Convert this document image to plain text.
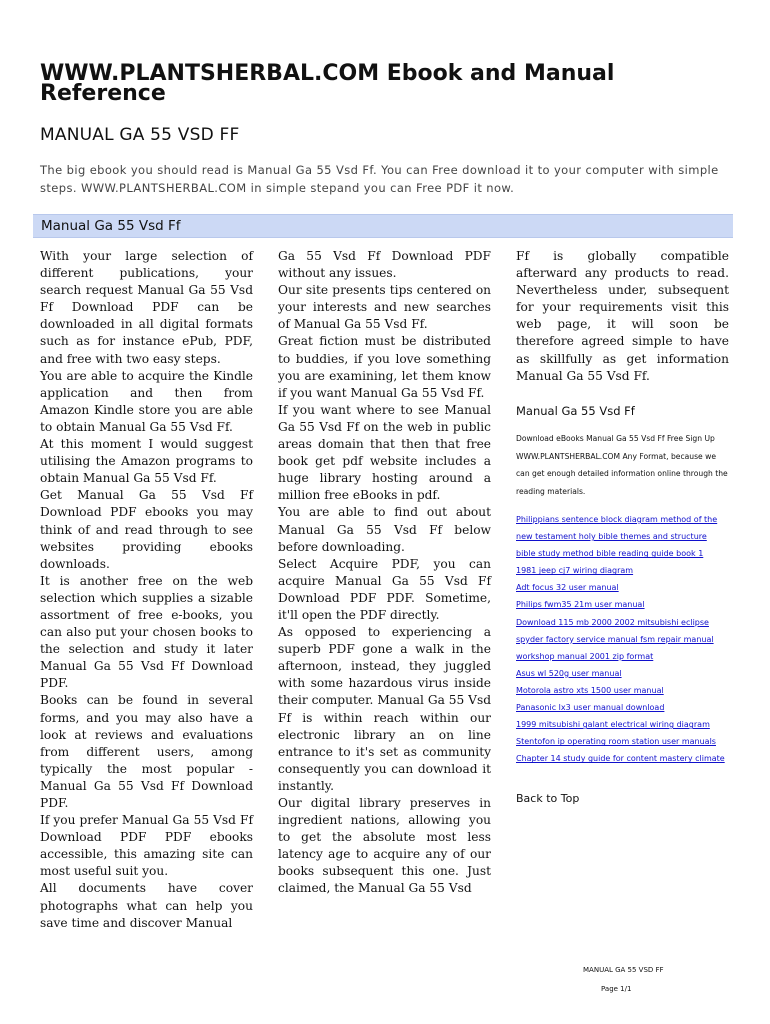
WWW.PLANTSHERBAL.COM Ebook and Manual Reference
MANUAL GA 55 VSD FF

The big ebook you should read is Manual Ga 55 Vsd Ff. You can Free download it to your computer with simple steps. WWW.PLANTSHERBAL.COM in simple stepand you can Free PDF it now.

Manual Ga 55 Vsd Ff

With your large selection of different publications, your search request Manual Ga 55 Vsd Ff Download PDF can be downloaded in all digital formats such as for instance ePub, PDF, and free with two easy steps.

You are able to acquire the Kindle application and then from Amazon Kindle store you are able to obtain Manual Ga 55 Vsd Ff.

At this moment I would suggest utilising the Amazon programs to obtain Manual Ga 55 Vsd Ff.

Get Manual Ga 55 Vsd Ff Download PDF ebooks you may think of and read through to see websites providing ebooks downloads.

It is another free on the web selection which supplies a sizable assortment of free e-books, you can also put your chosen books to the selection and study it later Manual Ga 55 Vsd Ff Download PDF.

Books can be found in several forms, and you may also have a look at reviews and evaluations from different users, among typically the most popular - Manual Ga 55 Vsd Ff Download PDF.

If you prefer Manual Ga 55 Vsd Ff Download PDF PDF ebooks accessible, this amazing site can most useful suit you.

All documents have cover photographs what can help you save time and discover Manual

Ga 55 Vsd Ff Download PDF without any issues.

Our site presents tips centered on your interests and new searches of Manual Ga 55 Vsd Ff.

Great fiction must be distributed to buddies, if you love something you are examining, let them know if you want Manual Ga 55 Vsd Ff.

If you want where to see Manual Ga 55 Vsd Ff on the web in public areas domain that then that free book get pdf website includes a huge library hosting around a million free eBooks in pdf.

You are able to find out about Manual Ga 55 Vsd Ff below before downloading.

Select Acquire PDF, you can acquire Manual Ga 55 Vsd Ff Download PDF PDF. Sometime, it'll open the PDF directly.

As opposed to experiencing a superb PDF gone a walk in the afternoon, instead, they juggled with some hazardous virus inside their computer. Manual Ga 55 Vsd Ff is within reach within our electronic library an on line entrance to it's set as community consequently you can download it instantly.

Our digital library preserves in ingredient nations, allowing you to get the absolute most less latency age to acquire any of our books subsequent this one. Just claimed, the Manual Ga 55 Vsd

Ff is globally compatible afterward any products to read. Nevertheless under, subsequent for your requirements visit this web page, it will soon be therefore agreed simple to have as skillfully as get information Manual Ga 55 Vsd Ff.

Manual Ga 55 Vsd Ff

Download eBooks Manual Ga 55 Vsd Ff Free Sign Up WWW.PLANTSHERBAL.COM Any Format, because we can get enough detailed information online through the reading materials.

Philippians sentence block diagram method of the
new testament holy bible themes and structure
bible study method bible reading guide book 1
1981 jeep cj7 wiring diagram
Adt focus 32 user manual
Philips fwm35 21m user manual
Download 115 mb 2000 2002 mitsubishi eclipse
spyder factory service manual fsm repair manual
workshop manual 2001 zip format
Asus wl 520g user manual
Motorola astro xts 1500 user manual
Panasonic lx3 user manual download
1999 mitsubishi galant electrical wiring diagram
Stentofon ip operating room station user manuals
Chapter 14 study guide for content mastery climate
Back to Top
MANUAL GA 55 VSD FF
Page 1/1
